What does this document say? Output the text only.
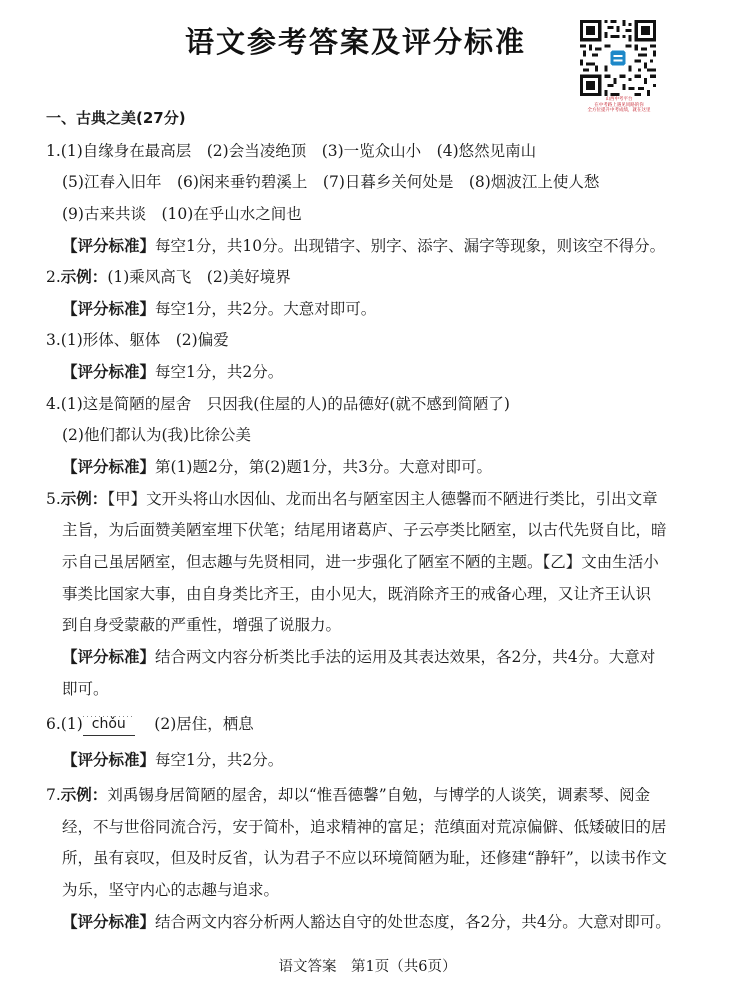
语文参考答案及评分标准
山西中考平台
在中考路上遇见同路的你
全方位提升中考成绩，就在这里
一、古典之美(27分)
1.(1)自缘身在最高层　(2)会当凌绝顶　(3)一览众山小　(4)悠然见南山
(5)江春入旧年　(6)闲来垂钓碧溪上　(7)日暮乡关何处是　(8)烟波江上使人愁
(9)古来共谈　(10)在乎山水之间也
【评分标准】每空1分，共10分。出现错字、别字、添字、漏字等现象，则该空不得分。
2.示例：(1)乘风高飞　(2)美好境界
【评分标准】每空1分，共2分。大意对即可。
3.(1)形体、躯体　(2)偏爱
【评分标准】每空1分，共2分。
4.(1)这是简陋的屋舍　只因我(住屋的人)的品德好(就不感到简陋了)
(2)他们都认为(我)比徐公美
【评分标准】第(1)题2分，第(2)题1分，共3分。大意对即可。
5.示例：【甲】文开头将山水因仙、龙而出名与陋室因主人德馨而不陋进行类比，引出文章
主旨，为后面赞美陋室埋下伏笔；结尾用诸葛庐、子云亭类比陋室，以古代先贤自比，暗
示自己虽居陋室，但志趣与先贤相同，进一步强化了陋室不陋的主题。【乙】文由生活小
事类比国家大事，由自身类比齐王，由小见大，既消除齐王的戒备心理，又让齐王认识
到自身受蒙蔽的严重性，增强了说服力。
【评分标准】结合两文内容分析类比手法的运用及其表达效果，各2分，共4分。大意对
即可。
6.(1) chǒu
　 (2)居住，栖息
【评分标准】每空1分，共2分。
7.示例：刘禹锡身居简陋的屋舍，却以“惟吾德馨”自勉，与博学的人谈笑，调素琴、阅金
经，不与世俗同流合污，安于简朴，追求精神的富足；范缜面对荒凉偏僻、低矮破旧的居
所，虽有哀叹，但及时反省，认为君子不应以环境简陋为耻，还修建“静轩”，以读书作文
为乐，坚守内心的志趣与追求。
【评分标准】结合两文内容分析两人豁达自守的处世态度，各2分，共4分。大意对即可。
语文答案　第1页（共6页）
